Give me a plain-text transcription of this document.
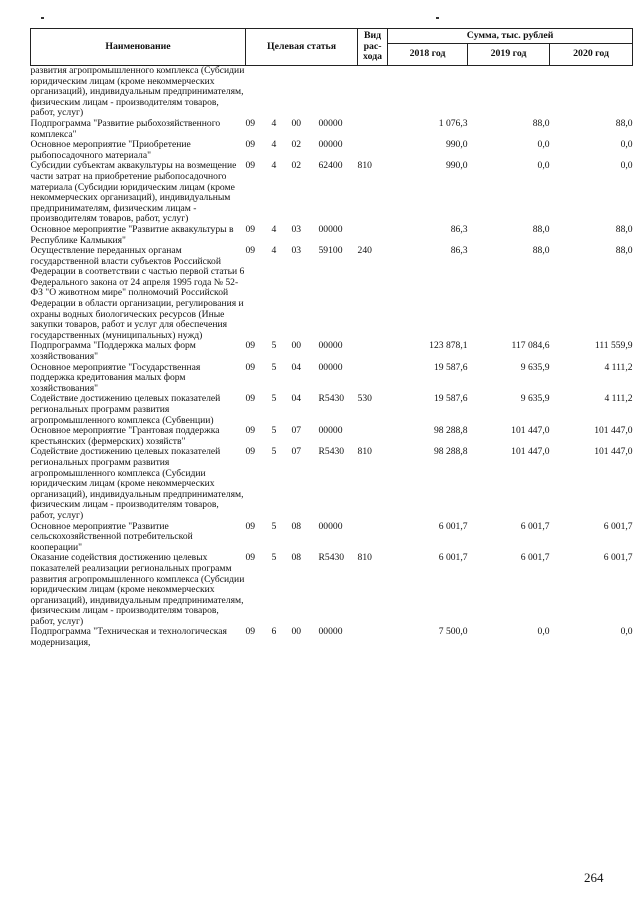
Наименование	Целевая статья				Вид рас-хода	Сумма, тыс. рублей		
						2018 год	2019 год	2020 год
развития агропромышленного комплекса (Субсидии юридическим лицам (кроме некоммерческих организаций), индивидуальным предпринимателям, физическим лицам - производителям товаров, работ, услуг)								
Подпрограмма "Развитие рыбохозяйственного комплекса"	09	4	00	00000		1 076,3	88,0	88,0
Основное мероприятие "Приобретение рыбопосадочного материала"	09	4	02	00000		990,0	0,0	0,0
Субсидии субъектам аквакультуры на возмещение части затрат на приобретение рыбопосадочного материала (Субсидии юридическим лицам (кроме некоммерческих организаций), индивидуальным предпринимателям, физическим лицам - производителям товаров, работ, услуг)	09	4	02	62400	810	990,0	0,0	0,0
Основное мероприятие "Развитие аквакультуры в Республике Калмыкия"	09	4	03	00000		86,3	88,0	88,0
Осуществление переданных органам государственной власти субъектов Российской Федерации в соответствии с частью первой статьи 6 Федерального закона от 24 апреля 1995 года № 52-ФЗ "О животном мире" полномочий Российской Федерации в области организации, регулирования и охраны водных биологических ресурсов (Иные закупки товаров, работ и услуг для обеспечения государственных (муниципальных) нужд)	09	4	03	59100	240	86,3	88,0	88,0
Подпрограмма "Поддержка малых форм хозяйствования"	09	5	00	00000		123 878,1	117 084,6	111 559,9
Основное мероприятие "Государственная поддержка кредитования малых форм хозяйствования"	09	5	04	00000		19 587,6	9 635,9	4 111,2
Содействие достижению целевых показателей региональных программ развития агропромышленного комплекса (Субвенции)	09	5	04	R5430	530	19 587,6	9 635,9	4 111,2
Основное мероприятие "Грантовая поддержка крестьянских (фермерских) хозяйств"	09	5	07	00000		98 288,8	101 447,0	101 447,0
Содействие достижению целевых показателей региональных программ развития агропромышленного комплекса (Субсидии юридическим лицам (кроме некоммерческих организаций), индивидуальным предпринимателям, физическим лицам - производителям товаров, работ, услуг)	09	5	07	R5430	810	98 288,8	101 447,0	101 447,0
Основное мероприятие "Развитие сельскохозяйственной потребительской кооперации"	09	5	08	00000		6 001,7	6 001,7	6 001,7
Оказание содействия достижению целевых показателей реализации региональных программ развития агропромышленного комплекса (Субсидии юридическим лицам (кроме некоммерческих организаций), индивидуальным предпринимателям, физическим лицам - производителям товаров, работ, услуг)	09	5	08	R5430	810	6 001,7	6 001,7	6 001,7
Подпрограмма "Техническая и технологическая модернизация,	09	6	00	00000		7 500,0	0,0	0,0
264
